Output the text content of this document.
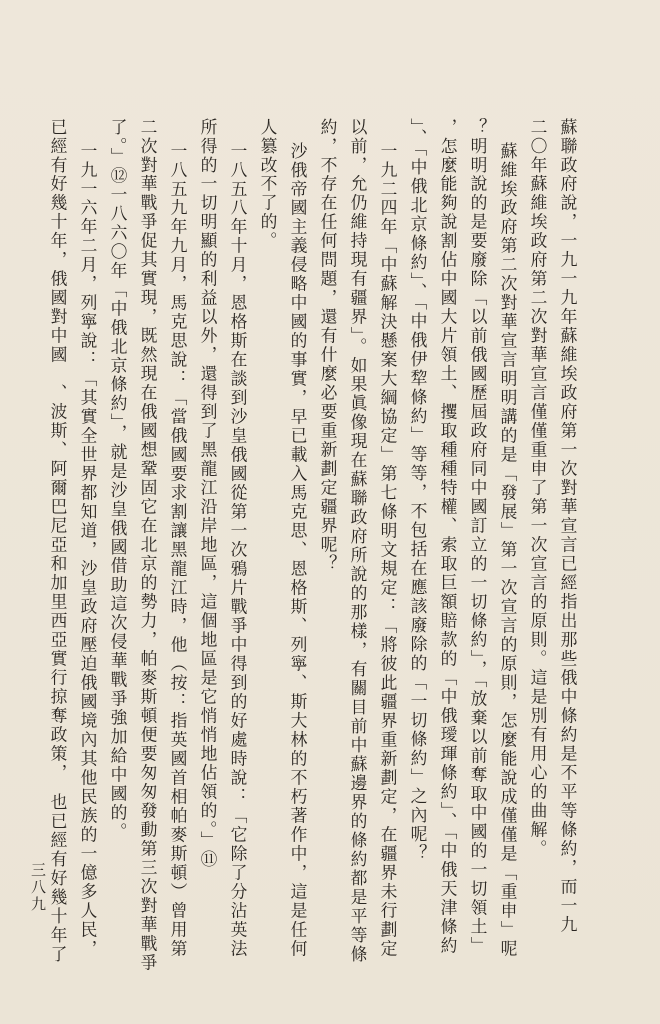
蘇聯政府說，一九一九年蘇維埃政府第一次對華宣言已經指出那些俄中條約是不平等條約，而一九
二〇年蘇維埃政府第二次對華宣言僅僅重申了第一次宣言的原則。這是別有用心的曲解。
蘇維埃政府第二次對華宣言明明講的是「發展」第一次宣言的原則，怎麼能說成僅僅是「重申」呢
？明明說的是要廢除「以前俄國歷屆政府同中國訂立的一切條約」，「放棄以前奪取中國的一切領土」
，怎麼能夠說割佔中國大片領土、攫取種種特權、索取巨額賠款的「中俄璦琿條約」、「中俄天津條約
」、「中俄北京條約」、「中俄伊犂條約」等等，不包括在應該廢除的「一切條約」之內呢？
一九二四年「中蘇解決懸案大綱協定」第七條明文規定：「將彼此疆界重新劃定，在疆界未行劃定
以前，允仍維持現有疆界」。如果眞像現在蘇聯政府所說的那樣，有關目前中蘇邊界的條約都是平等條
約，不存在任何問題，還有什麼必要重新劃定疆界呢？
沙俄帝國主義侵略中國的事實，早已載入馬克思、恩格斯、列寧、斯大林的不朽著作中，這是任何
人篡改不了的。
一八五八年十月，恩格斯在談到沙皇俄國從第一次鴉片戰爭中得到的好處時說：「它除了分沾英法
所得的一切明顯的利益以外，還得到了黑龍江沿岸地區，這個地區是它悄悄地佔領的。」⑪
一八五九年九月，馬克思說：「當俄國要求割讓黑龍江時，他（按：指英國首相帕麥斯頓）曾用第
二次對華戰爭促其實現，既然現在俄國想鞏固它在北京的勢力，帕麥斯頓便要匆匆發動第三次對華戰爭
了。」⑫一八六〇年「中俄北京條約」，就是沙皇俄國借助這次侵華戰爭強加給中國的。
一九一六年二月，列寧說：「其實全世界都知道，沙皇政府壓迫俄國境內其他民族的一億多人民，
已經有好幾十年，俄國對中國　、波斯、阿爾巴尼亞和加里西亞實行掠奪政策，　也已經有好幾十年了
三八九
